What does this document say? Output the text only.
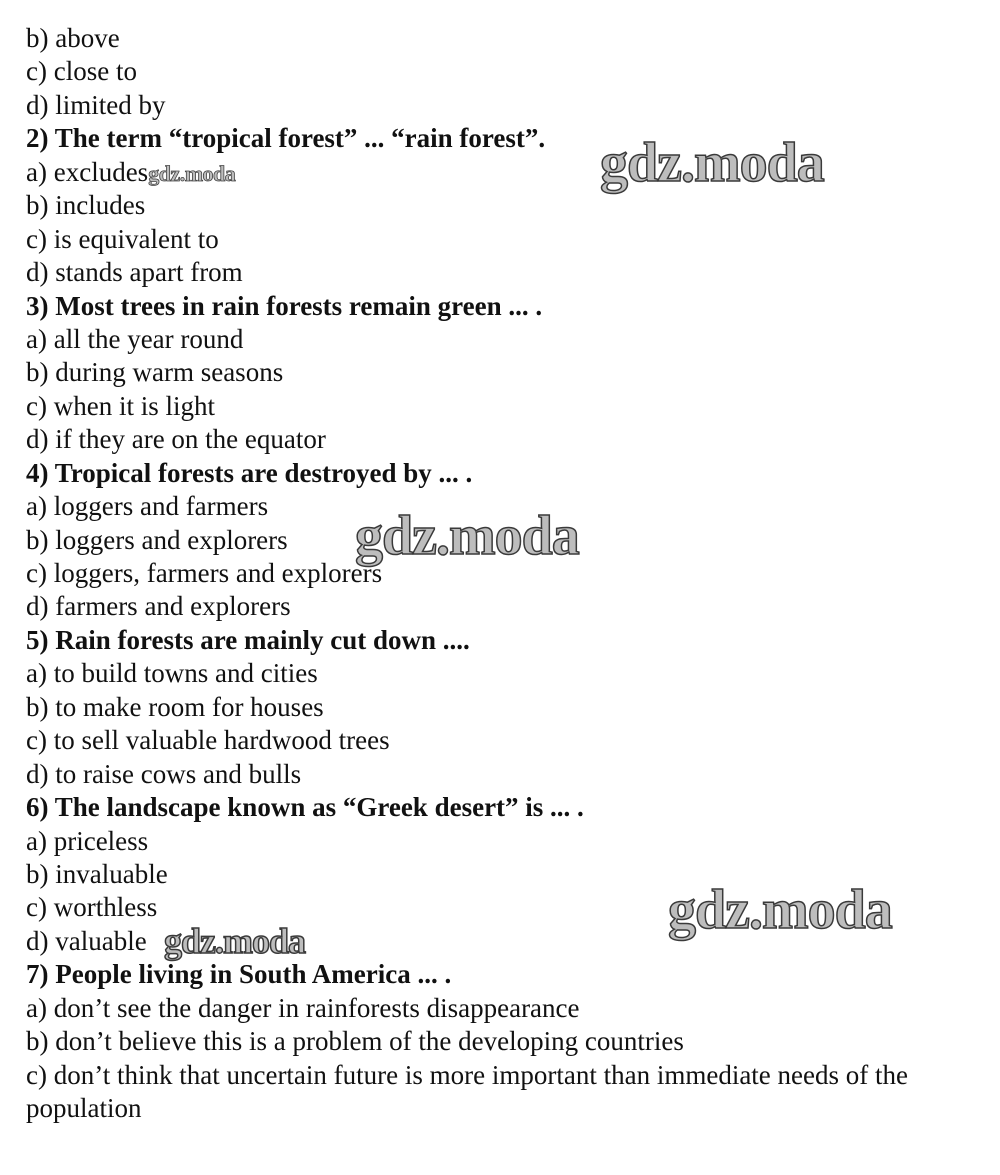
b) above
c) close to
d) limited by
2) The term “tropical forest” ... “rain forest”.
a) excludesgdz.moda
b) includes
c) is equivalent to
d) stands apart from
3) Most trees in rain forests remain green ... .
a) all the year round
b) during warm seasons
c) when it is light
d) if they are on the equator
4) Tropical forests are destroyed by ... .
a) loggers and farmers
b) loggers and explorers
c) loggers, farmers and explorers
d) farmers and explorers
5) Rain forests are mainly cut down ....
a) to build towns and cities
b) to make room for houses
c) to sell valuable hardwood trees
d) to raise cows and bulls
6) The landscape known as “Greek desert” is ... .
a) priceless
b) invaluable
c) worthless
d) valuable
7) People living in South America ... .
a) don’t see the danger in rainforests disappearance
b) don’t believe this is a problem of the developing countries
c) don’t think that uncertain future is more important than immediate needs of the population
gdz.moda
gdz.moda
gdz.moda
gdz.moda
